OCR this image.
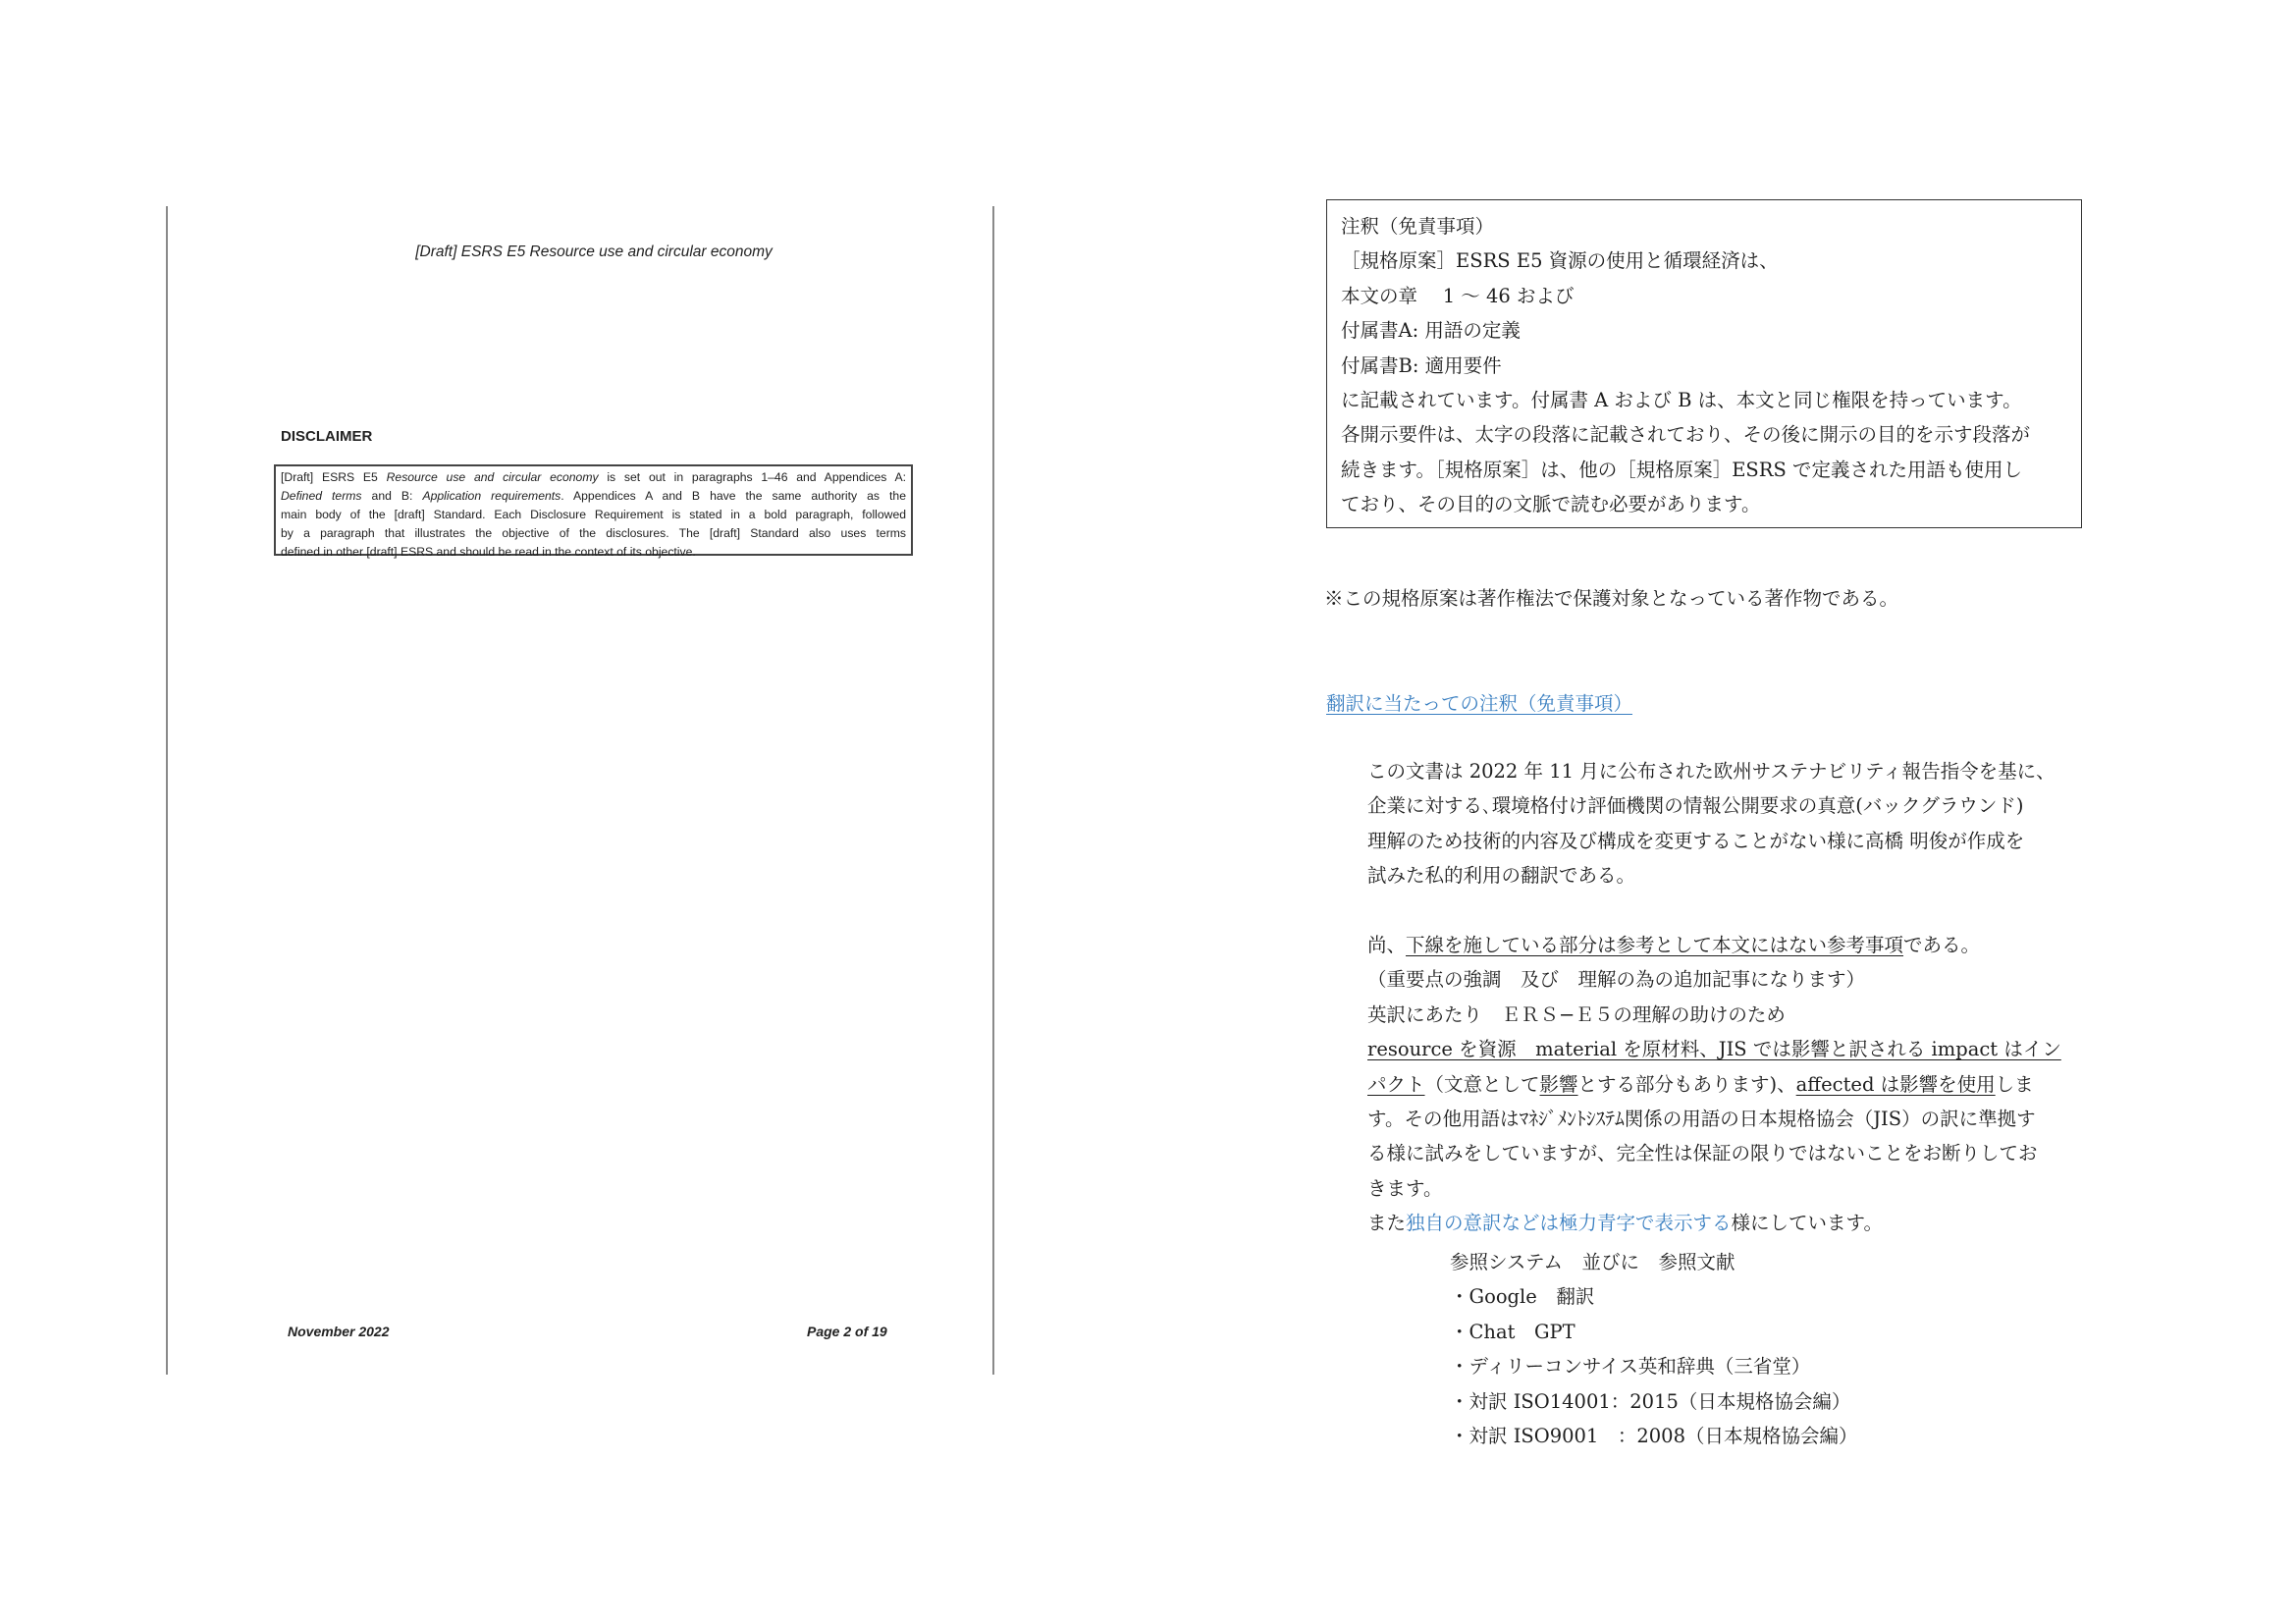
[Draft] ESRS E5 Resource use and circular economy
DISCLAIMER
[Draft] ESRS E5 Resource use and circular economy is set out in paragraphs 1–46 and Appendices A:
Defined terms and B: Application requirements. Appendices A and B have the same authority as the
main body of the [draft] Standard. Each Disclosure Requirement is stated in a bold paragraph, followed
by a paragraph that illustrates the objective of the disclosures. The [draft] Standard also uses terms
defined in other [draft] ESRS and should be read in the context of its objective.
November 2022	Page 2 of 19
注釈（免責事項）
［規格原案］ESRS E5 資源の使用と循環経済は、
本文の章　 1 ～ 46 および
付属書A: 用語の定義
付属書B: 適用要件
に記載されています。付属書 A および B は、本文と同じ権限を持っています。
各開示要件は、太字の段落に記載されており、その後に開示の目的を示す段落が
続きます。［規格原案］は、他の［規格原案］ESRS で定義された用語も使用し
ており、その目的の文脈で読む必要があります。
※この規格原案は著作権法で保護対象となっている著作物である。
翻訳に当たっての注釈（免責事項）
この文書は 2022 年 11 月に公布された欧州サステナビリティ報告指令を基に、
企業に対する､環境格付け評価機関の情報公開要求の真意(バックグラウンド)
理解のため技術的内容及び構成を変更することがない様に高橋 明俊が作成を
試みた私的利用の翻訳である。
尚、下線を施している部分は参考として本文にはない参考事項である。
（重要点の強調　及び　理解の為の追加記事になります）
英訳にあたり　ＥＲＳ−Ｅ５の理解の助けのため
resource を資源　material を原材料、JIS では影響と訳される impact はイン
パクト（文意として影響とする部分もあります)、affected は影響を使用しま
す。その他用語はﾏﾈｼﾞﾒﾝﾄｼｽﾃﾑ関係の用語の日本規格協会（JIS）の訳に準拠す
る様に試みをしていますが、完全性は保証の限りではないことをお断りしてお
きます。
また独自の意訳などは極力青字で表示する様にしています。
参照システム　並びに　参照文献
・Google　翻訳
・Chat　GPT
・ディリーコンサイス英和辞典（三省堂）
・対訳 ISO14001：2015（日本規格協会編）
・対訳 ISO9001　：2008（日本規格協会編）
